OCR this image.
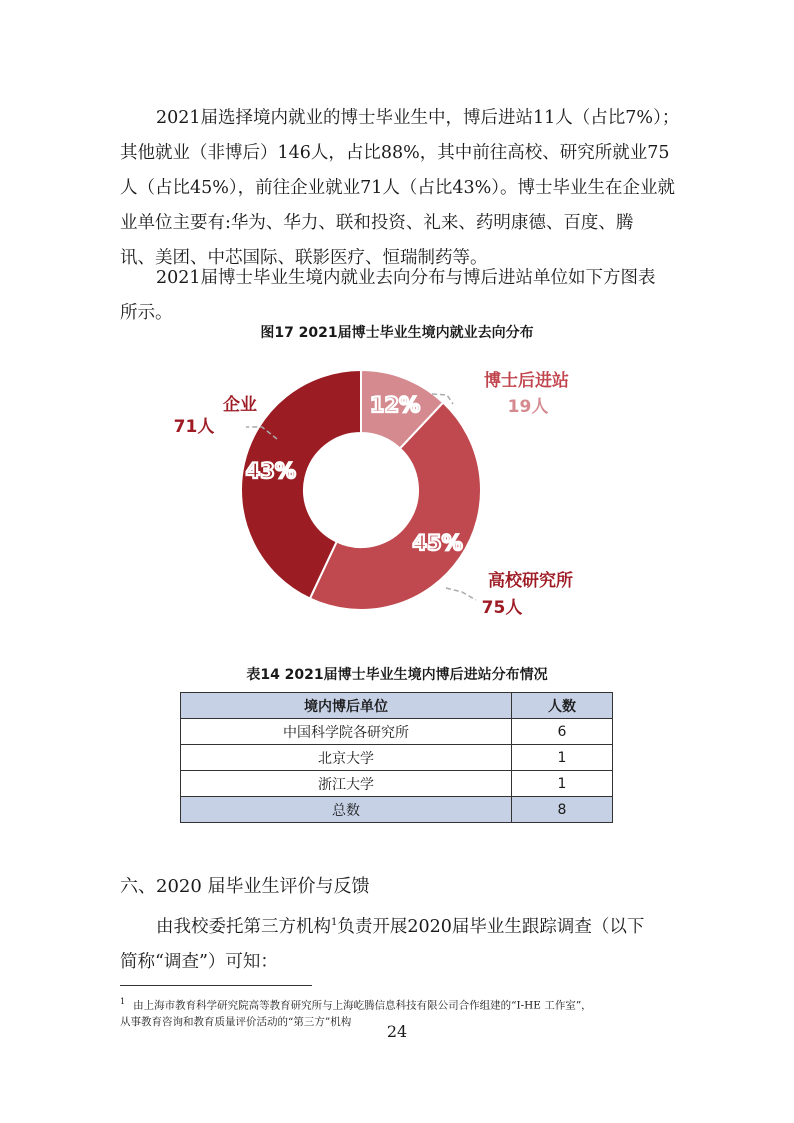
2021届选择境内就业的博士毕业生中，博后进站11人（占比7%）；
其他就业（非博后）146人，占比88%，其中前往高校、研究所就业75
人（占比45%），前往企业就业71人（占比43%）。博士毕业生在企业就
业单位主要有:华为、华力、联和投资、礼来、药明康德、百度、腾
讯、美团、中芯国际、联影医疗、恒瑞制药等。
2021届博士毕业生境内就业去向分布与博后进站单位如下方图表
所示。
图17 2021届博士毕业生境内就业去向分布
12%
45%
43%
博士后进站
19人
高校研究所
75人
企业
71人
表14 2021届博士毕业生境内博后进站分布情况
境内博后单位	人数
中国科学院各研究所	6
北京大学	1
浙江大学	1
总数	8
六、2020 届毕业生评价与反馈
由我校委托第三方机构$^1$负责开展2020届毕业生跟踪调查（以下
简称“调查”）可知：
$^1$ 由上海市教育科学研究院高等教育研究所与上海屹腾信息科技有限公司合作组建的“I-HE 工作室”，
从事教育咨询和教育质量评价活动的“第三方”机构
24
